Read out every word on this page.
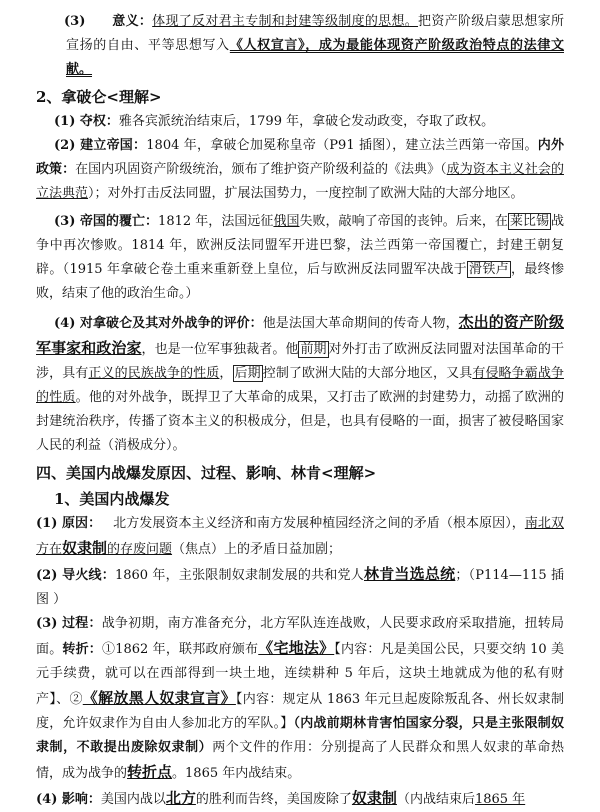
(3) 意义：体现了反对君主专制和封建等级制度的思想。把资产阶级启蒙思想家所宣扬的自由、平等思想写入《人权宣言》，成为最能体现资产阶级政治特点的法律文献。

2、拿破仑<理解>

(1) 夺权：雅各宾派统治结束后，1799 年，拿破仑发动政变，夺取了政权。

(2) 建立帝国：1804 年，拿破仑加冕称皇帝（P91 插图），建立法兰西第一帝国。内外政策：在国内巩固资产阶级统治，颁布了维护资产阶级利益的《法典》（成为资本主义社会的立法典范）；对外打击反法同盟，扩展法国势力，一度控制了欧洲大陆的大部分地区。

(3) 帝国的覆亡：1812 年，法国远征俄国失败，敲响了帝国的丧钟。后来，在 莱比锡 战争中再次惨败。1814 年，欧洲反法同盟军开进巴黎，法兰西第一帝国覆亡，封建王朝复辟。（1915 年拿破仑卷土重来重新登上皇位，后与欧洲反法同盟军决战于 滑铁卢 ，最终惨败，结束了他的政治生命。）

(4) 对拿破仑及其对外战争的评价：他是法国大革命期间的传奇人物，杰出的资产阶级军事家和政治家，也是一位军事独裁者。他 前期 对外打击了欧洲反法同盟对法国革命的干涉，具有正义的民族战争的性质， 后期 控制了欧洲大陆的大部分地区，又具有侵略争霸战争的性质。他的对外战争，既捍卫了大革命的成果，又打击了欧洲的封建势力，动摇了欧洲的封建统治秩序，传播了资本主义的积极成分，但是，也具有侵略的一面，损害了被侵略国家人民的利益（消极成分）。

四、美国内战爆发原因、过程、影响、林肯<理解>

1、美国内战爆发

(1) 原因： 北方发展资本主义经济和南方发展种植园经济之间的矛盾（根本原因），南北双方在奴隶制的存废问题（焦点）上的矛盾日益加剧；

(2) 导火线：1860 年，主张限制奴隶制发展的共和党人林肯当选总统；（P114—115 插图 ）

(3) 过程：战争初期，南方准备充分，北方军队连连战败，人民要求政府采取措施，扭转局面。转折：①1862 年，联邦政府颁布《宅地法》【内容：凡是美国公民，只要交纳 10 美元手续费，就可以在西部得到一块土地，连续耕种 5 年后，这块土地就成为他的私有财产】、②《解放黑人奴隶宣言》【内容：规定从 1863 年元旦起废除叛乱各、州长奴隶制度，允许奴隶作为自由人参加北方的军队。】（内战前期林肯害怕国家分裂，只是主张限制奴隶制，不敢提出废除奴隶制）两个文件的作用：分别提高了人民群众和黑人奴隶的革命热情，成为战争的转折点。1865 年内战结束。

(4) 影响：美国内战以北方的胜利而告终，美国废除了奴隶制（内战结束后1865 年
